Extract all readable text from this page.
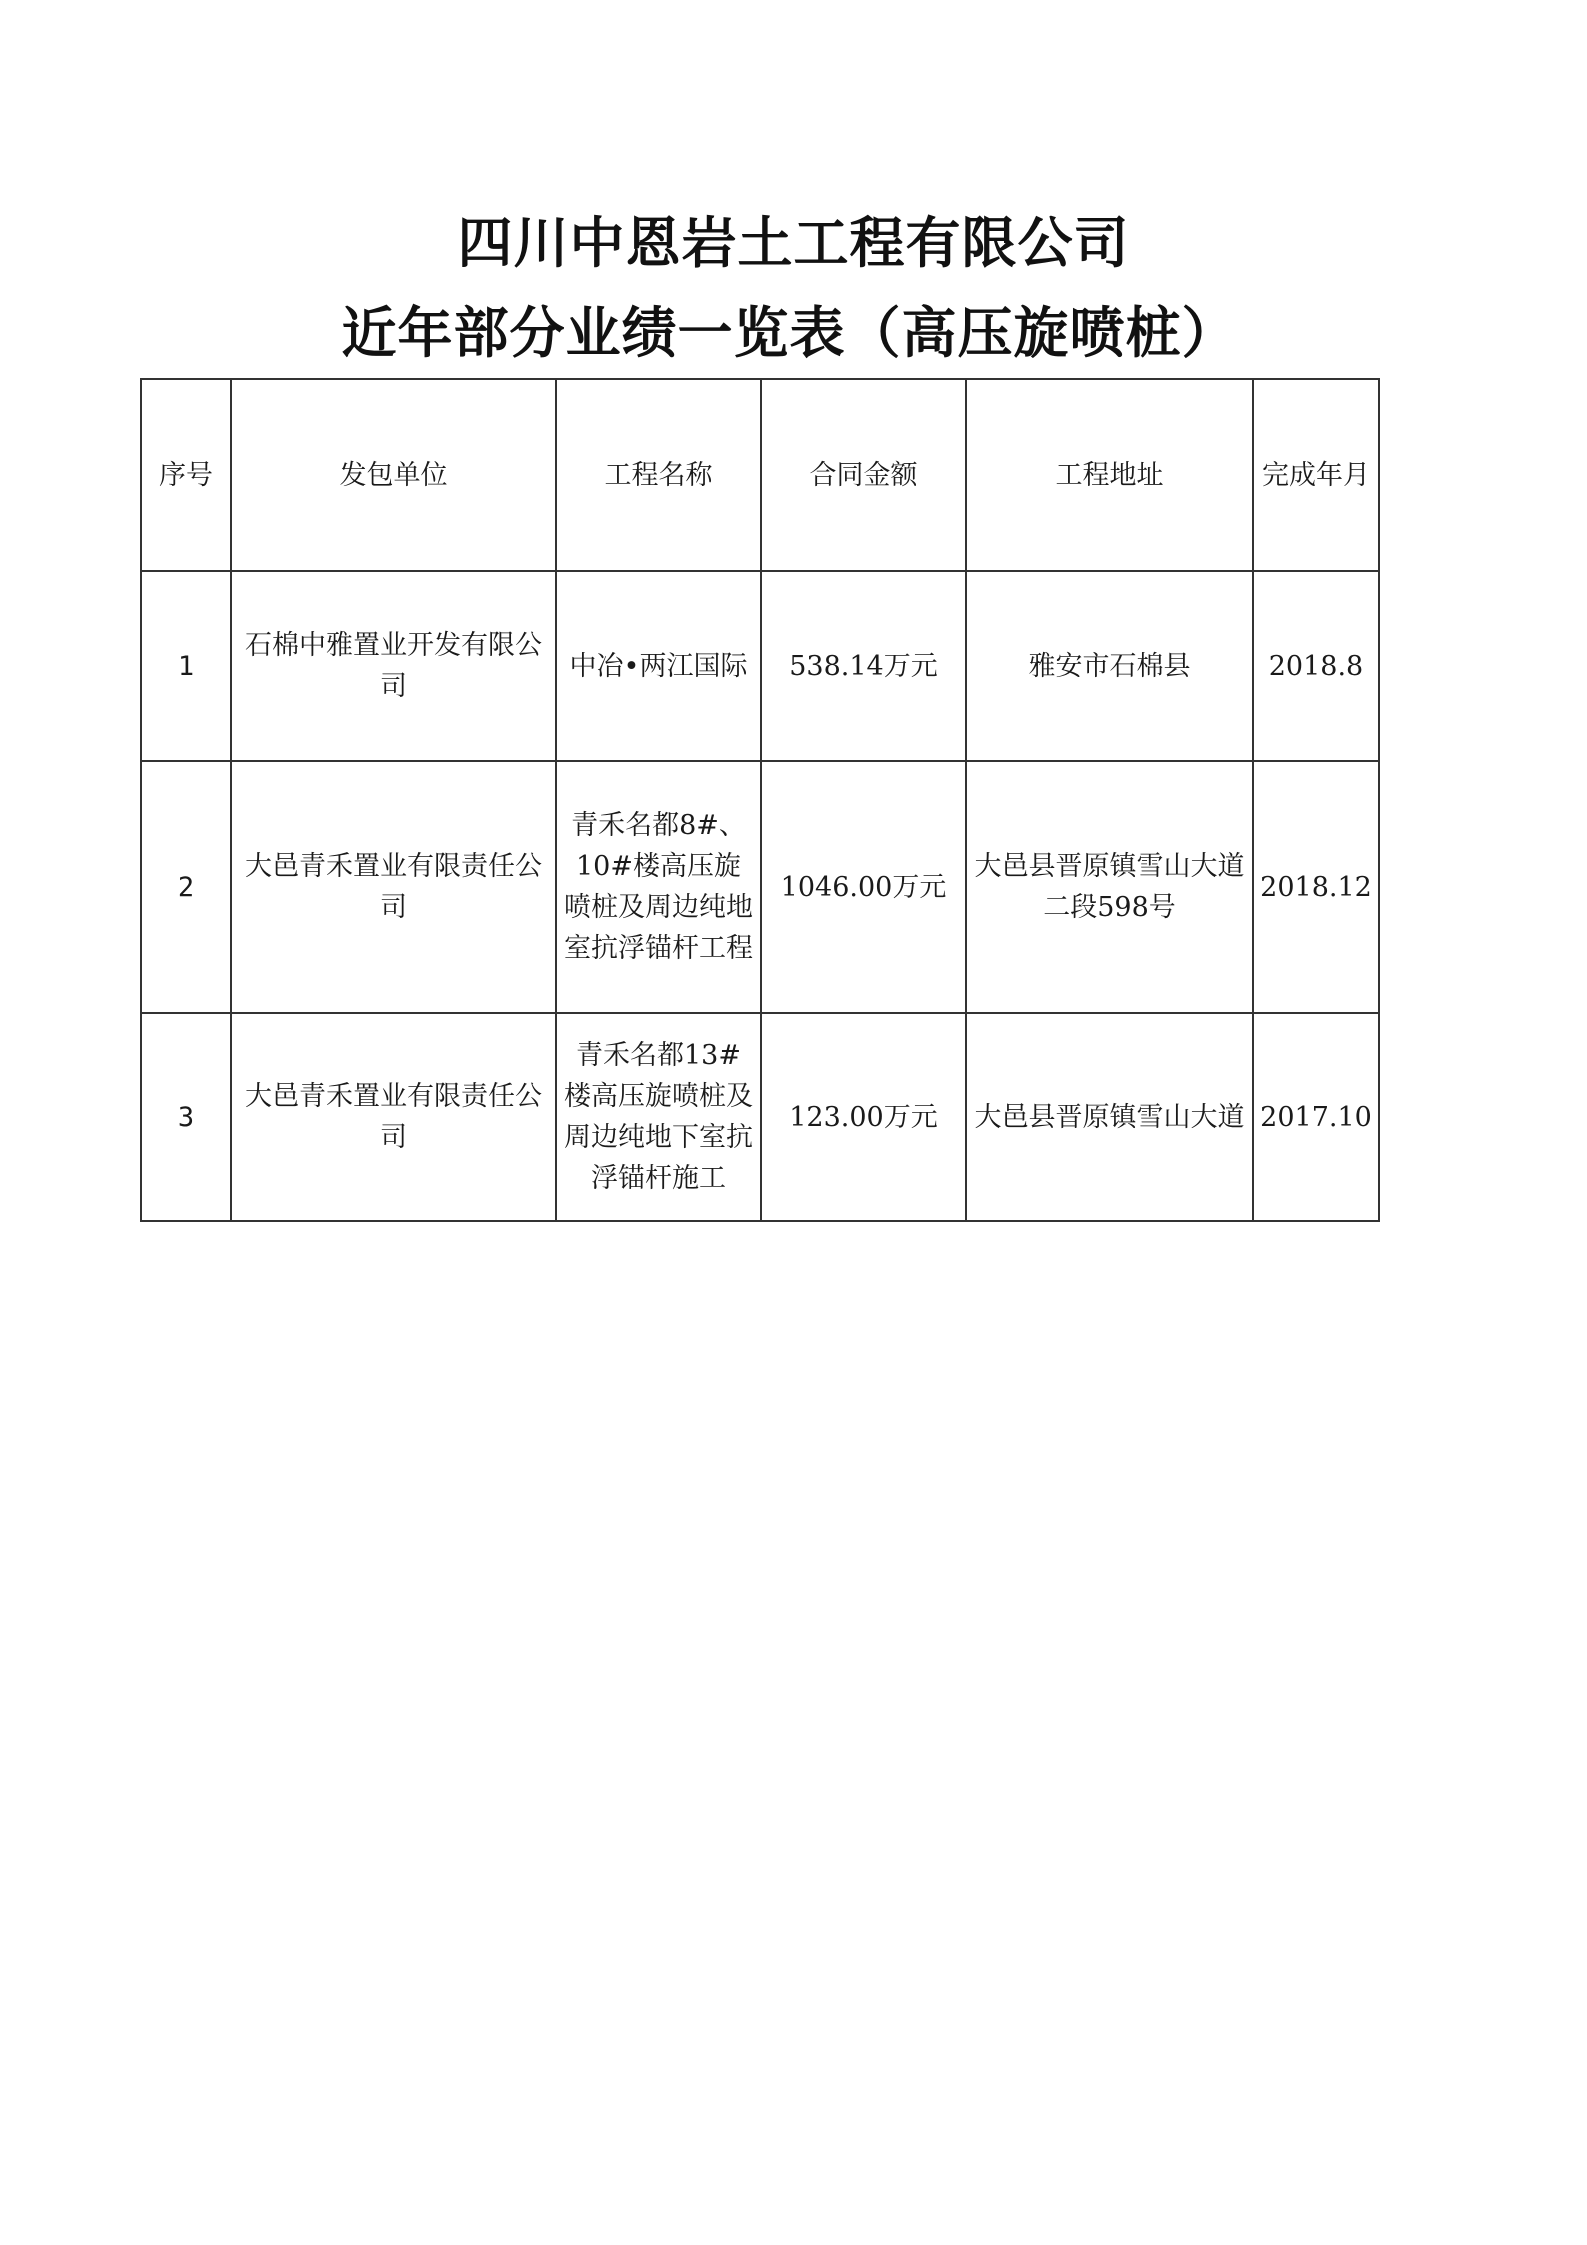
四川中恩岩土工程有限公司
近年部分业绩一览表（高压旋喷桩）
序号	发包单位	工程名称	合同金额	工程地址	完成年月
1	石棉中雅置业开发有限公司	中冶•两江国际	538.14万元	雅安市石棉县	2018.8
2	大邑青禾置业有限责任公司	青禾名都8#、10#楼高压旋喷桩及周边纯地室抗浮锚杆工程	1046.00万元	大邑县晋原镇雪山大道二段598号	2018.12
3	大邑青禾置业有限责任公司	青禾名都13#楼高压旋喷桩及周边纯地下室抗浮锚杆施工	123.00万元	大邑县晋原镇雪山大道	2017.10
